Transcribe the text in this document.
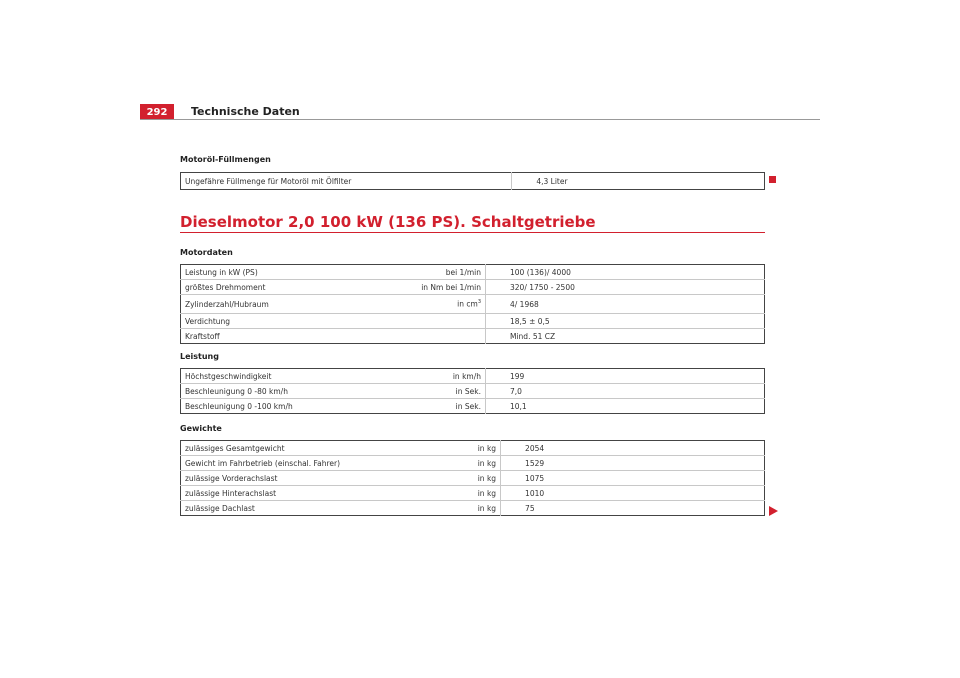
292	Technische Daten
Motoröl-Füllmengen
Ungefähre Füllmenge für Motoröl mit Ölfilter		4,3 Liter
Dieselmotor 2,0 100 kW (136 PS). Schaltgetriebe
Motordaten
Leistung in kW (PS)	bei 1/min	100 (136)/ 4000
größtes Drehmoment	in Nm bei 1/min	320/ 1750 - 2500
Zylinderzahl/Hubraum	in $cm^3$	4/ 1968
Verdichtung		18,5 ± 0,5
Kraftstoff		Mind. 51 CZ
Leistung
Höchstgeschwindigkeit	in km/h	199
Beschleunigung 0 -80 km/h	in Sek.	7,0
Beschleunigung 0 -100 km/h	in Sek.	10,1
Gewichte
zulässiges Gesamtgewicht	in kg	2054
Gewicht im Fahrbetrieb (einschal. Fahrer)	in kg	1529
zulässige Vorderachslast	in kg	1075
zulässige Hinterachslast	in kg	1010
zulässige Dachlast	in kg	75
